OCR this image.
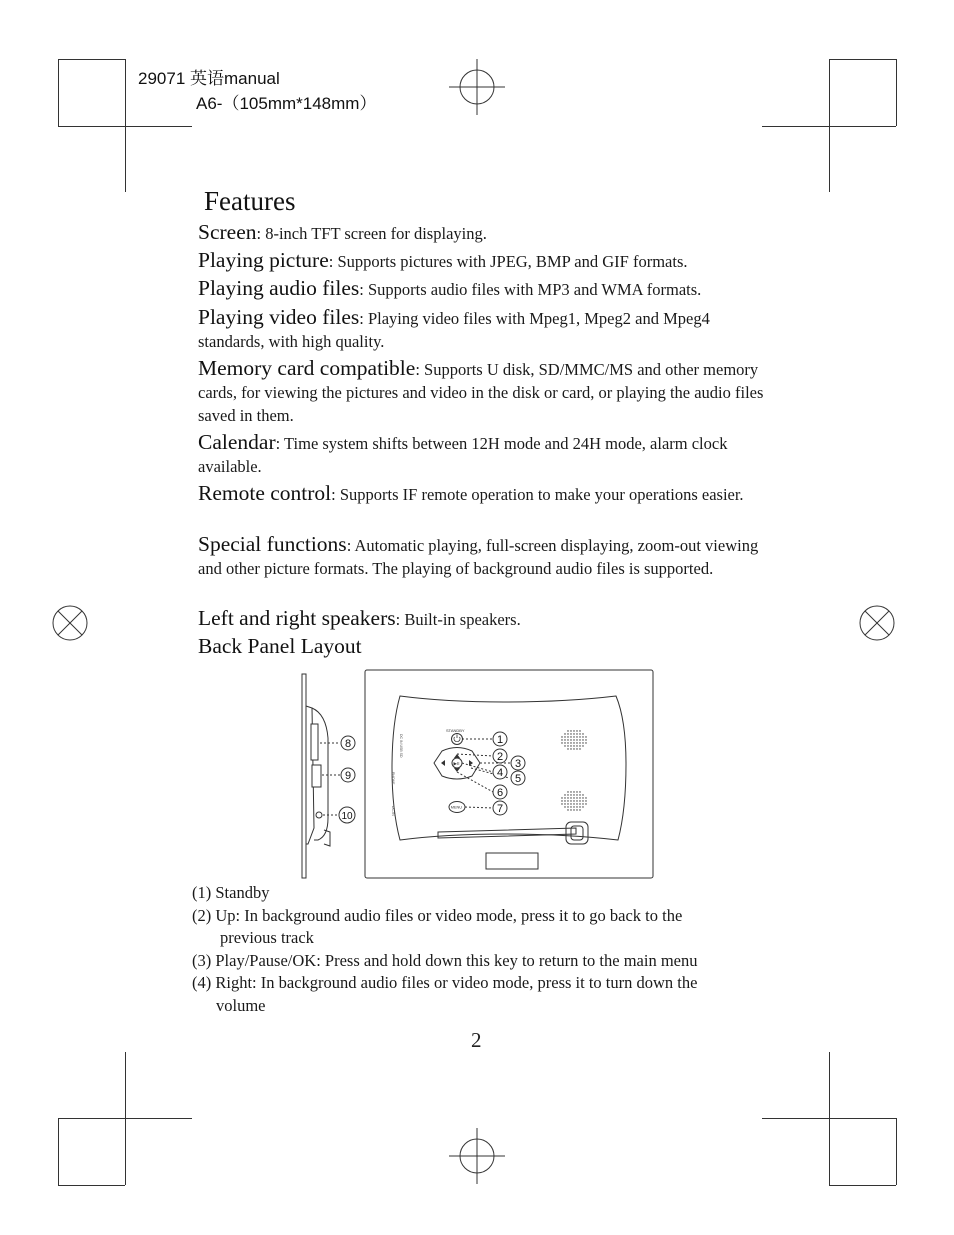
29071 英语manual
A6-（105mm*148mm）
Features
Screen: 8-inch TFT screen for displaying.
Playing picture: Supports pictures with JPEG, BMP and GIF formats.
Playing audio files: Supports audio files with MP3 and WMA formats.
Playing video files: Playing video files with Mpeg1, Mpeg2 and Mpeg4 standards, with high quality.
Memory card compatible: Supports U disk, SD/MMC/MS and other memory cards, for viewing the pictures and video in the disk or card, or playing the audio files saved in them.
Calendar: Time system shifts between 12H mode and 24H mode, alarm clock available.
Remote control: Supports IF remote operation to make your operations easier.
Special functions: Automatic playing, full-screen displaying, zoom-out viewing and other picture formats. The playing of background audio files is supported.
Left and right speakers: Built-in speakers.
Back Panel Layout
DC IN USB SD
PHONE
DC-IN
STANDBY
▶II
MENU
1
2
3
4 5
6
7
8
9
10
(1) Standby
(2) Up: In background audio files or video mode, press it to go back to the
previous track
(3) Play/Pause/OK: Press and hold down this key to return to the main menu
(4) Right: In background audio files or video mode, press it to turn down the
volume
2
